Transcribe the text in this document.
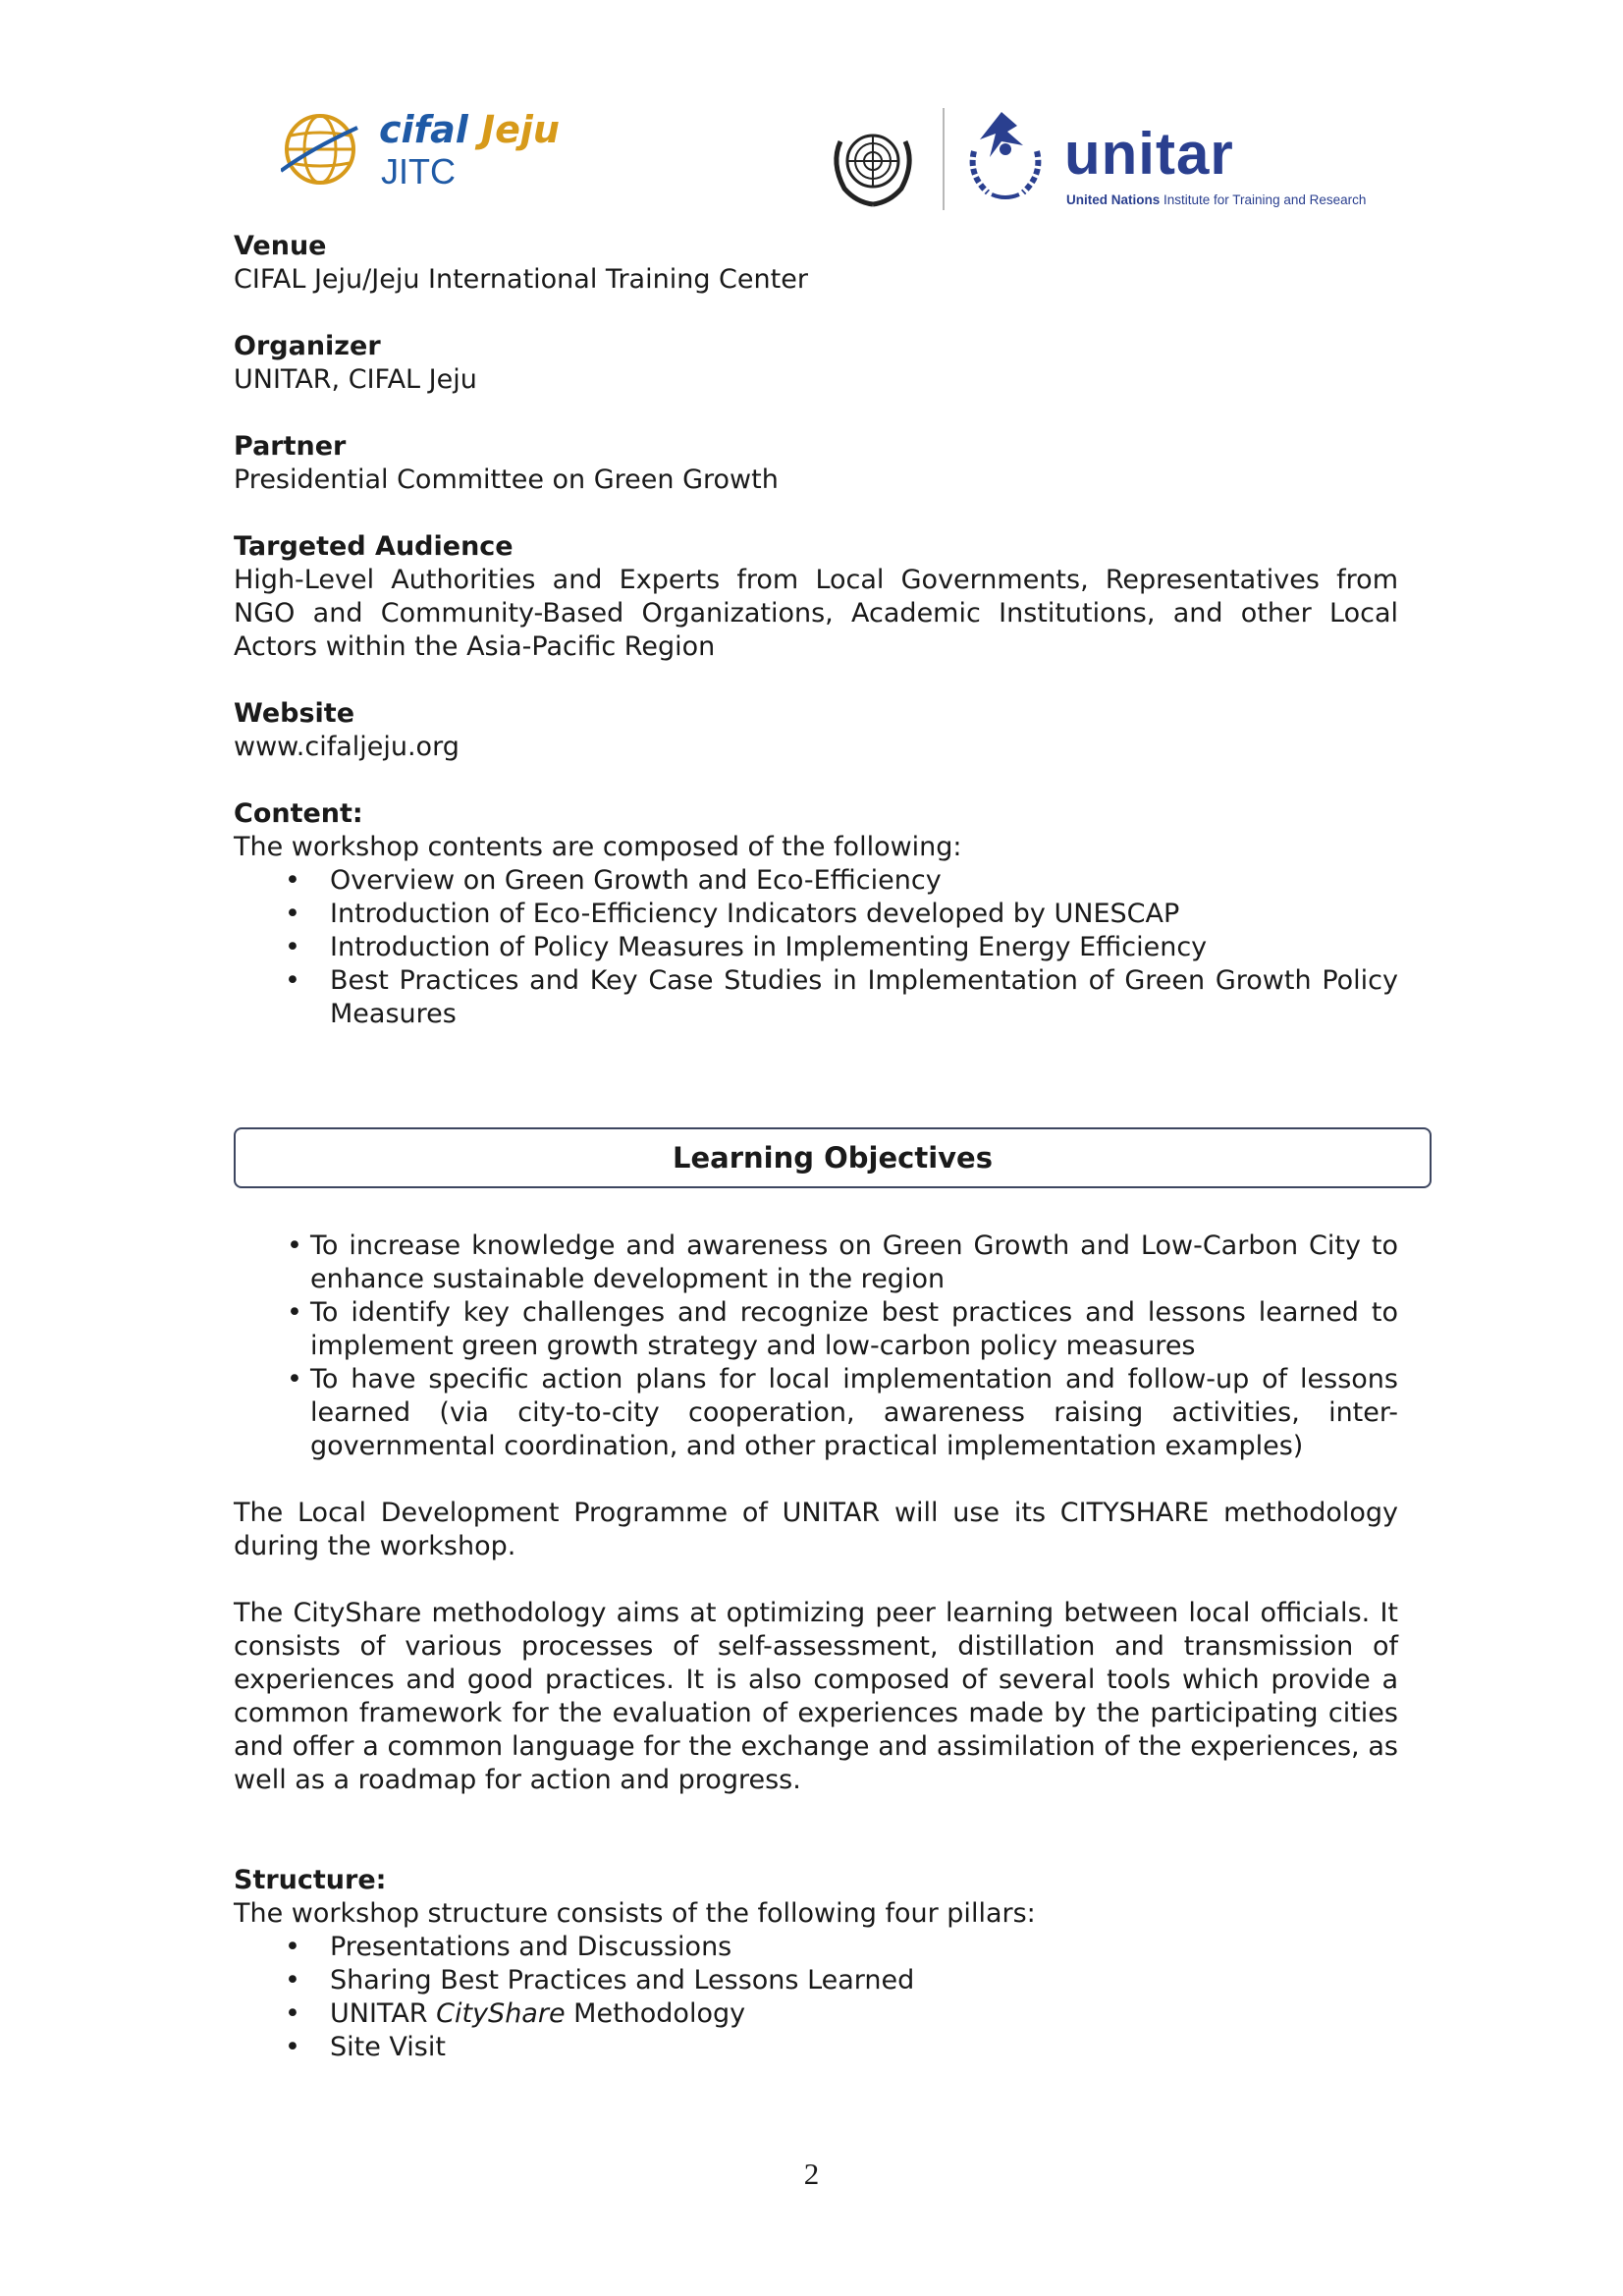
cifal Jeju
JITC	unitar
United Nations Institute for Training and Research

Venue

CIFAL Jeju/Jeju International Training Center

Organizer

UNITAR, CIFAL Jeju

Partner

Presidential Committee on Green Growth

Targeted Audience

High-Level Authorities and Experts from Local Governments, Representatives from NGO and Community-Based Organizations, Academic Institutions, and other Local Actors within the Asia-Pacific Region

Website

www.cifaljeju.org

Content:

The workshop contents are composed of the following:

• Overview on Green Growth and Eco-Efficiency
• Introduction of Eco-Efficiency Indicators developed by UNESCAP
• Introduction of Policy Measures in Implementing Energy Efficiency
• Best Practices and Key Case Studies in Implementation of Green Growth Policy Measures
Learning Objectives
• To increase knowledge and awareness on Green Growth and Low-Carbon City to enhance sustainable development in the region
• To identify key challenges and recognize best practices and lessons learned to implement green growth strategy and low-carbon policy measures
• To have specific action plans for local implementation and follow-up of lessons learned (via city-to-city cooperation, awareness raising activities, inter-governmental coordination, and other practical implementation examples)

The Local Development Programme of UNITAR will use its CITYSHARE methodology during the workshop.

The CityShare methodology aims at optimizing peer learning between local officials. It consists of various processes of self-assessment, distillation and transmission of experiences and good practices. It is also composed of several tools which provide a common framework for the evaluation of experiences made by the participating cities and offer a common language for the exchange and assimilation of the experiences, as well as a roadmap for action and progress.

Structure:

The workshop structure consists of the following four pillars:

• Presentations and Discussions
• Sharing Best Practices and Lessons Learned
• UNITAR CityShare Methodology
• Site Visit
2
